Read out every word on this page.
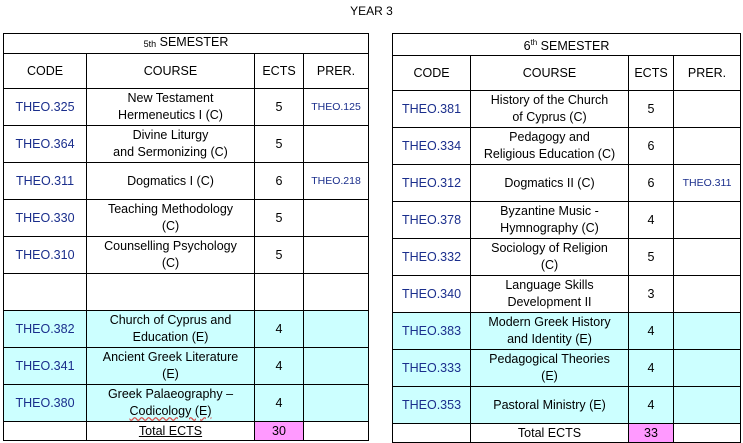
YEAR 3
5th SEMESTER			
CODE	COURSE	ECTS	PRER.
THEO.325	New Testament
Hermeneutics I (C)	5	THEO.125
THEO.364	Divine Liturgy
and Sermonizing (C)	5	
THEO.311	Dogmatics I (C)	6	THEO.218
THEO.330	Teaching Methodology
(C)	5	
THEO.310	Counselling Psychology
(C)	5	

THEO.382	Church of Cyprus and
Education (E)	4	
THEO.341	Ancient Greek Literature
(E)	4	
THEO.380	Greek Palaeography –
Codicology (E)	4	
	Total ECTS	30	
6th SEMESTER			
CODE	COURSE	ECTS	PRER.
THEO.381	History of the Church
of Cyprus (C)	5	
THEO.334	Pedagogy and
Religious Education (C)	6	
THEO.312	Dogmatics II (C)	6	THEO.311
THEO.378	Byzantine Music -
Hymnography (C)	4	
THEO.332	Sociology of Religion
(C)	5	
THEO.340	Language Skills
Development II	3	
THEO.383	Modern Greek History
and Identity (E)	4	
THEO.333	Pedagogical Theories
(E)	4	
THEO.353	Pastoral Ministry (E)	4	
	Total ECTS	33	
